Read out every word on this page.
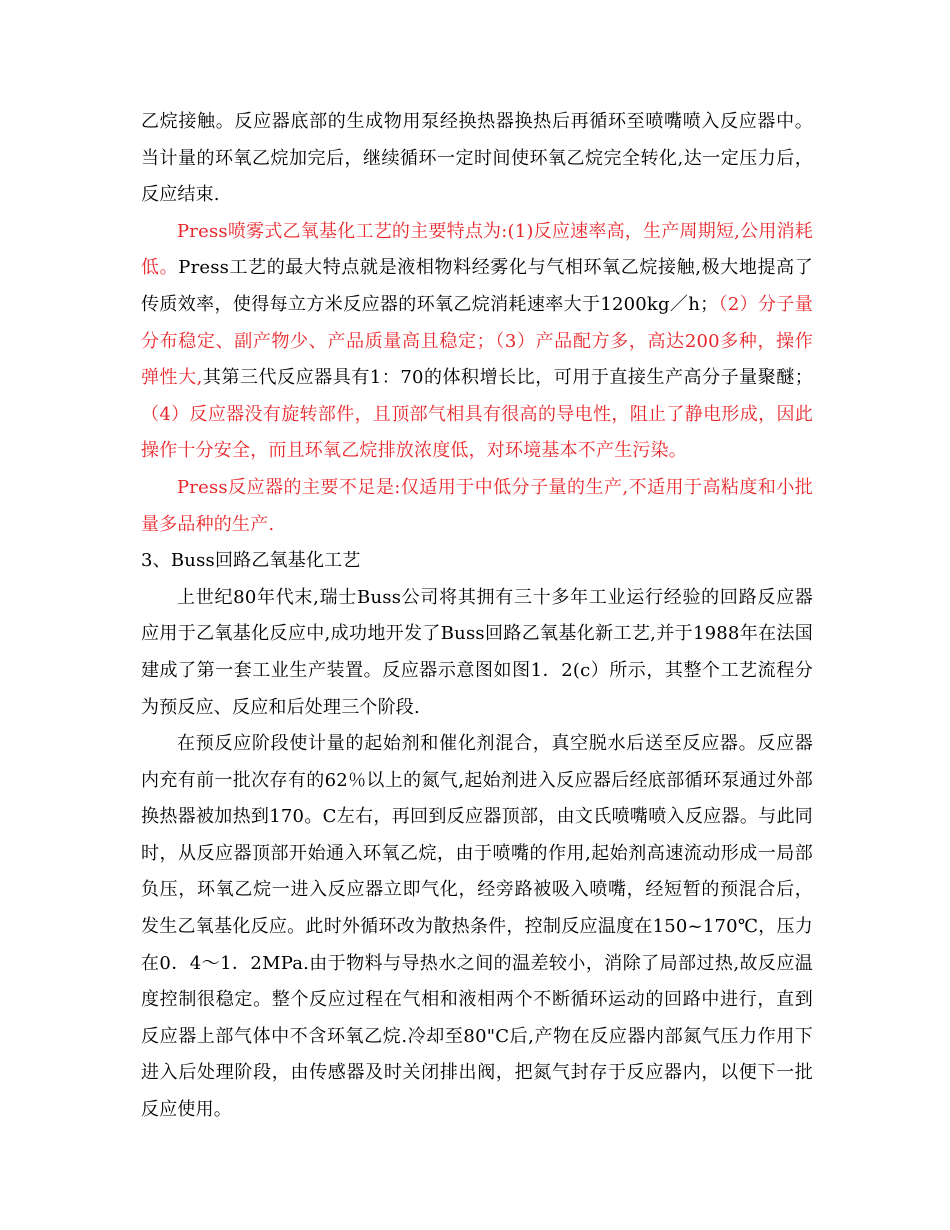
乙烷接触。反应器底部的生成物用泵经换热器换热后再循环至喷嘴喷入反应器中。当计量的环氧乙烷加完后，继续循环一定时间使环氧乙烷完全转化,达一定压力后，反应结束.

Press喷雾式乙氧基化工艺的主要特点为:(1)反应速率高，生产周期短,公用消耗低。Press工艺的最大特点就是液相物料经雾化与气相环氧乙烷接触,极大地提高了传质效率，使得每立方米反应器的环氧乙烷消耗速率大于1200kg／h；（2）分子量分布稳定、副产物少、产品质量高且稳定；（3）产品配方多，高达200多种，操作弹性大,其第三代反应器具有1：70的体积增长比，可用于直接生产高分子量聚醚；（4）反应器没有旋转部件，且顶部气相具有很高的导电性，阻止了静电形成，因此操作十分安全，而且环氧乙烷排放浓度低，对环境基本不产生污染。

Press反应器的主要不足是:仅适用于中低分子量的生产,不适用于高粘度和小批量多品种的生产.

3、Buss回路乙氧基化工艺

上世纪80年代末,瑞士Buss公司将其拥有三十多年工业运行经验的回路反应器应用于乙氧基化反应中,成功地开发了Buss回路乙氧基化新工艺,并于1988年在法国建成了第一套工业生产装置。反应器示意图如图1．2(c）所示，其整个工艺流程分为预反应、反应和后处理三个阶段.

在预反应阶段使计量的起始剂和催化剂混合，真空脱水后送至反应器。反应器内充有前一批次存有的62％以上的氮气,起始剂进入反应器后经底部循环泵通过外部换热器被加热到170。C左右，再回到反应器顶部，由文氏喷嘴喷入反应器。与此同时，从反应器顶部开始通入环氧乙烷，由于喷嘴的作用,起始剂高速流动形成一局部负压，环氧乙烷一进入反应器立即气化，经旁路被吸入喷嘴，经短暂的预混合后，发生乙氧基化反应。此时外循环改为散热条件，控制反应温度在150~170℃，压力在0．4～1．2MPa.由于物料与导热水之间的温差较小，消除了局部过热,故反应温度控制很稳定。整个反应过程在气相和液相两个不断循环运动的回路中进行，直到反应器上部气体中不含环氧乙烷.冷却至80"C后,产物在反应器内部氮气压力作用下进入后处理阶段，由传感器及时关闭排出阀，把氮气封存于反应器内，以便下一批反应使用。
